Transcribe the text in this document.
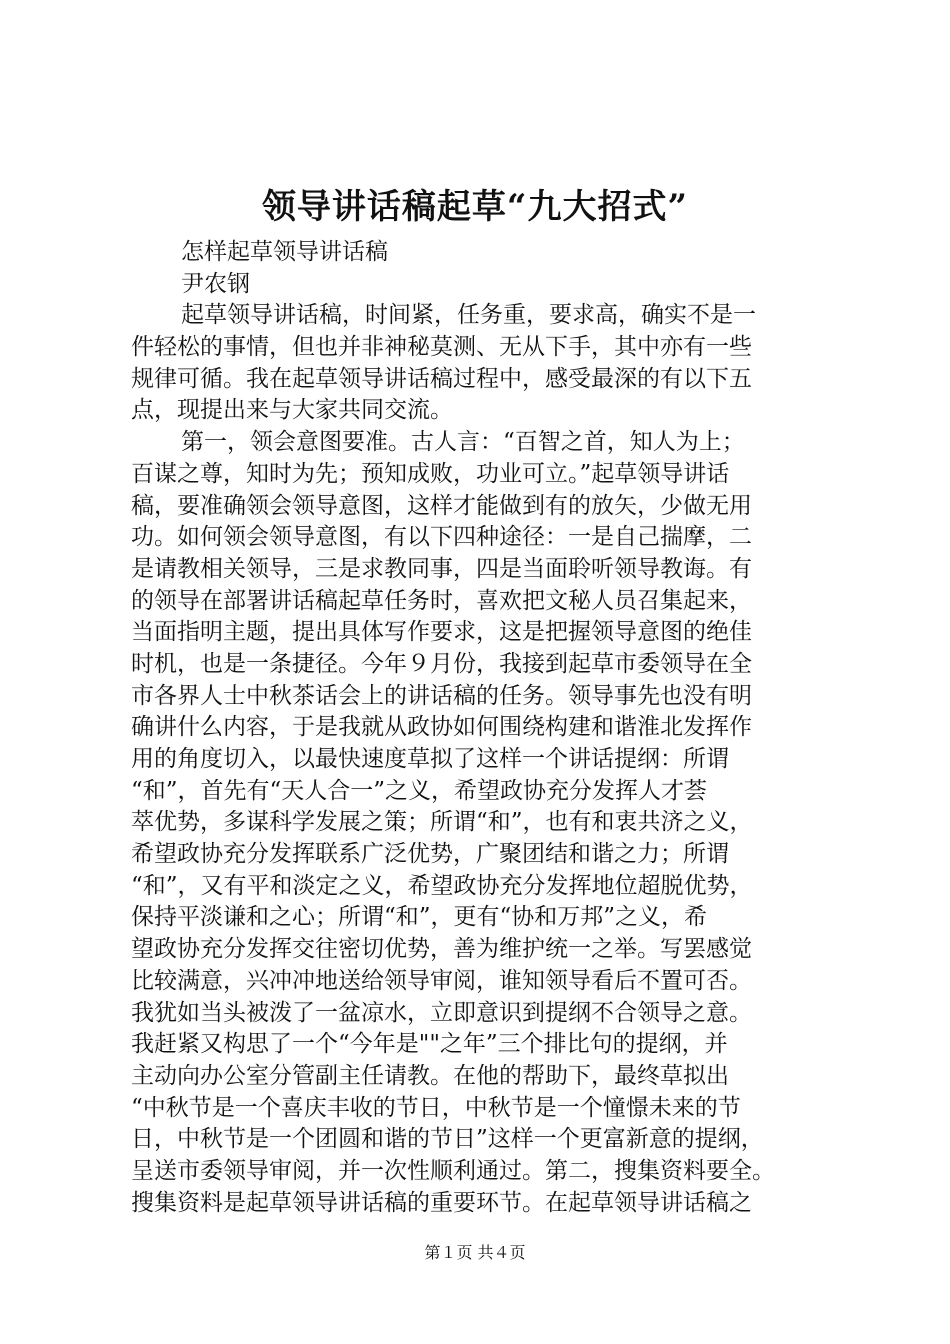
领导讲话稿起草“九大招式”
怎样起草领导讲话稿
尹农钢
起草领导讲话稿，时间紧，任务重，要求高，确实不是一
件轻松的事情，但也并非神秘莫测、无从下手，其中亦有一些
规律可循。我在起草领导讲话稿过程中，感受最深的有以下五
点，现提出来与大家共同交流。
第一，领会意图要准。古人言：“百智之首，知人为上；
百谋之尊，知时为先；预知成败，功业可立。”起草领导讲话
稿，要准确领会领导意图，这样才能做到有的放矢，少做无用
功。如何领会领导意图，有以下四种途径：一是自己揣摩，二
是请教相关领导，三是求教同事，四是当面聆听领导教诲。有
的领导在部署讲话稿起草任务时，喜欢把文秘人员召集起来，
当面指明主题，提出具体写作要求，这是把握领导意图的绝佳
时机，也是一条捷径。今年９月份，我接到起草市委领导在全
市各界人士中秋茶话会上的讲话稿的任务。领导事先也没有明
确讲什么内容，于是我就从政协如何围绕构建和谐淮北发挥作
用的角度切入，以最快速度草拟了这样一个讲话提纲：所谓
“和”，首先有“天人合一”之义，希望政协充分发挥人才荟
萃优势，多谋科学发展之策；所谓“和”，也有和衷共济之义，
希望政协充分发挥联系广泛优势，广聚团结和谐之力；所谓
“和”，又有平和淡定之义，希望政协充分发挥地位超脱优势，
保持平淡谦和之心；所谓“和”，更有“协和万邦”之义，希
望政协充分发挥交往密切优势，善为维护统一之举。写罢感觉
比较满意，兴冲冲地送给领导审阅，谁知领导看后不置可否。
我犹如当头被泼了一盆凉水，立即意识到提纲不合领导之意。
我赶紧又构思了一个“今年是""之年”三个排比句的提纲，并
主动向办公室分管副主任请教。在他的帮助下，最终草拟出
“中秋节是一个喜庆丰收的节日，中秋节是一个憧憬未来的节
日，中秋节是一个团圆和谐的节日”这样一个更富新意的提纲，
呈送市委领导审阅，并一次性顺利通过。第二，搜集资料要全。
搜集资料是起草领导讲话稿的重要环节。在起草领导讲话稿之
第１页 共４页
